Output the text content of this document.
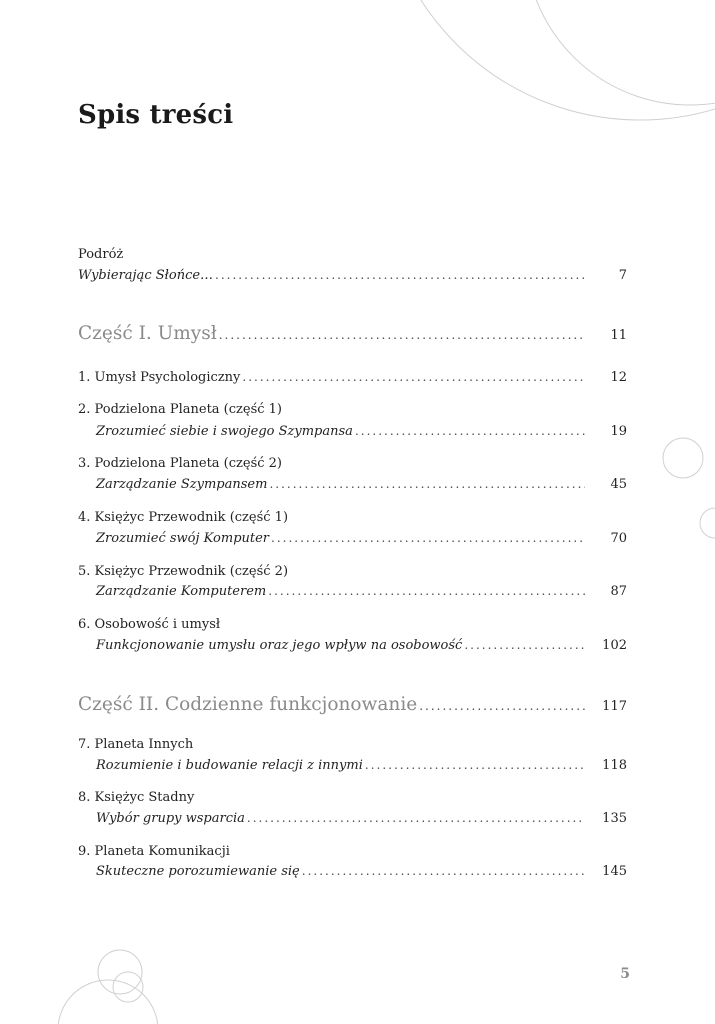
Spis treści
Podróż
Wybierając Słońce… .....	7
Część I. Umysł .....	11
1. Umysł Psychologiczny .....	12
2. Podzielona Planeta (część 1)
Zrozumieć siebie i swojego Szympansa .....	19
3. Podzielona Planeta (część 2)
Zarządzanie Szympansem .....	45
4. Księżyc Przewodnik (część 1)
Zrozumieć swój Komputer .....	70
5. Księżyc Przewodnik (część 2)
Zarządzanie Komputerem .....	87
6. Osobowość i umysł
Funkcjonowanie umysłu oraz jego wpływ na osobowość .....	102
Część II. Codzienne funkcjonowanie .....	117
7. Planeta Innych
Rozumienie i budowanie relacji z innymi .....	118
8. Księżyc Stadny
Wybór grupy wsparcia .....	135
9. Planeta Komunikacji
Skuteczne porozumiewanie się .....	145
5
